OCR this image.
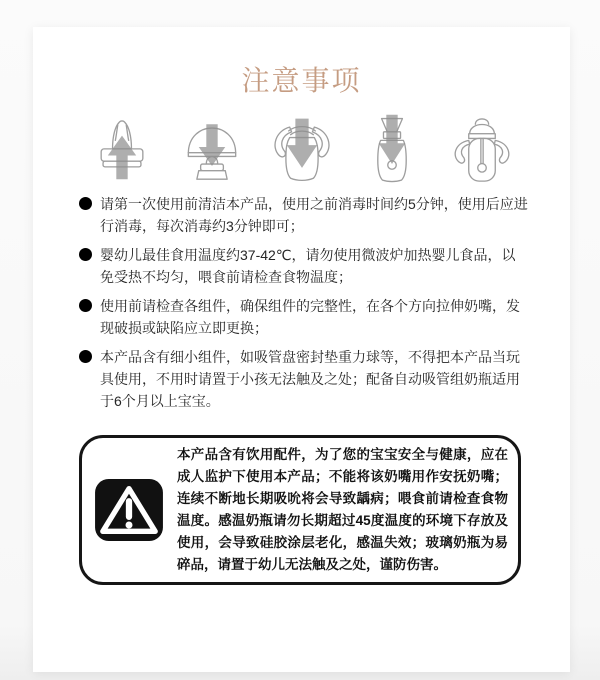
注意事项
请第一次使用前清洁本产品，使用之前消毒时间约5分钟，使用后应进行消毒，每次消毒约3分钟即可；
婴幼儿最佳食用温度约37-42℃，请勿使用微波炉加热婴儿食品，以免受热不均匀，喂食前请检查食物温度；
使用前请检查各组件，确保组件的完整性，在各个方向拉伸奶嘴，发现破损或缺陷应立即更换；
本产品含有细小组件，如吸管盘密封垫重力球等，不得把本产品当玩具使用，不用时请置于小孩无法触及之处；配备自动吸管组奶瓶适用于6个月以上宝宝。

本产品含有饮用配件，为了您的宝宝安全与健康，应在成人监护下使用本产品；不能将该奶嘴用作安抚奶嘴；连续不断地长期吸吮将会导致龋病；喂食前请检查食物温度。感温奶瓶请勿长期超过45度温度的环境下存放及使用，会导致硅胶涂层老化，感温失效；玻璃奶瓶为易碎品，请置于幼儿无法触及之处，谨防伤害。
